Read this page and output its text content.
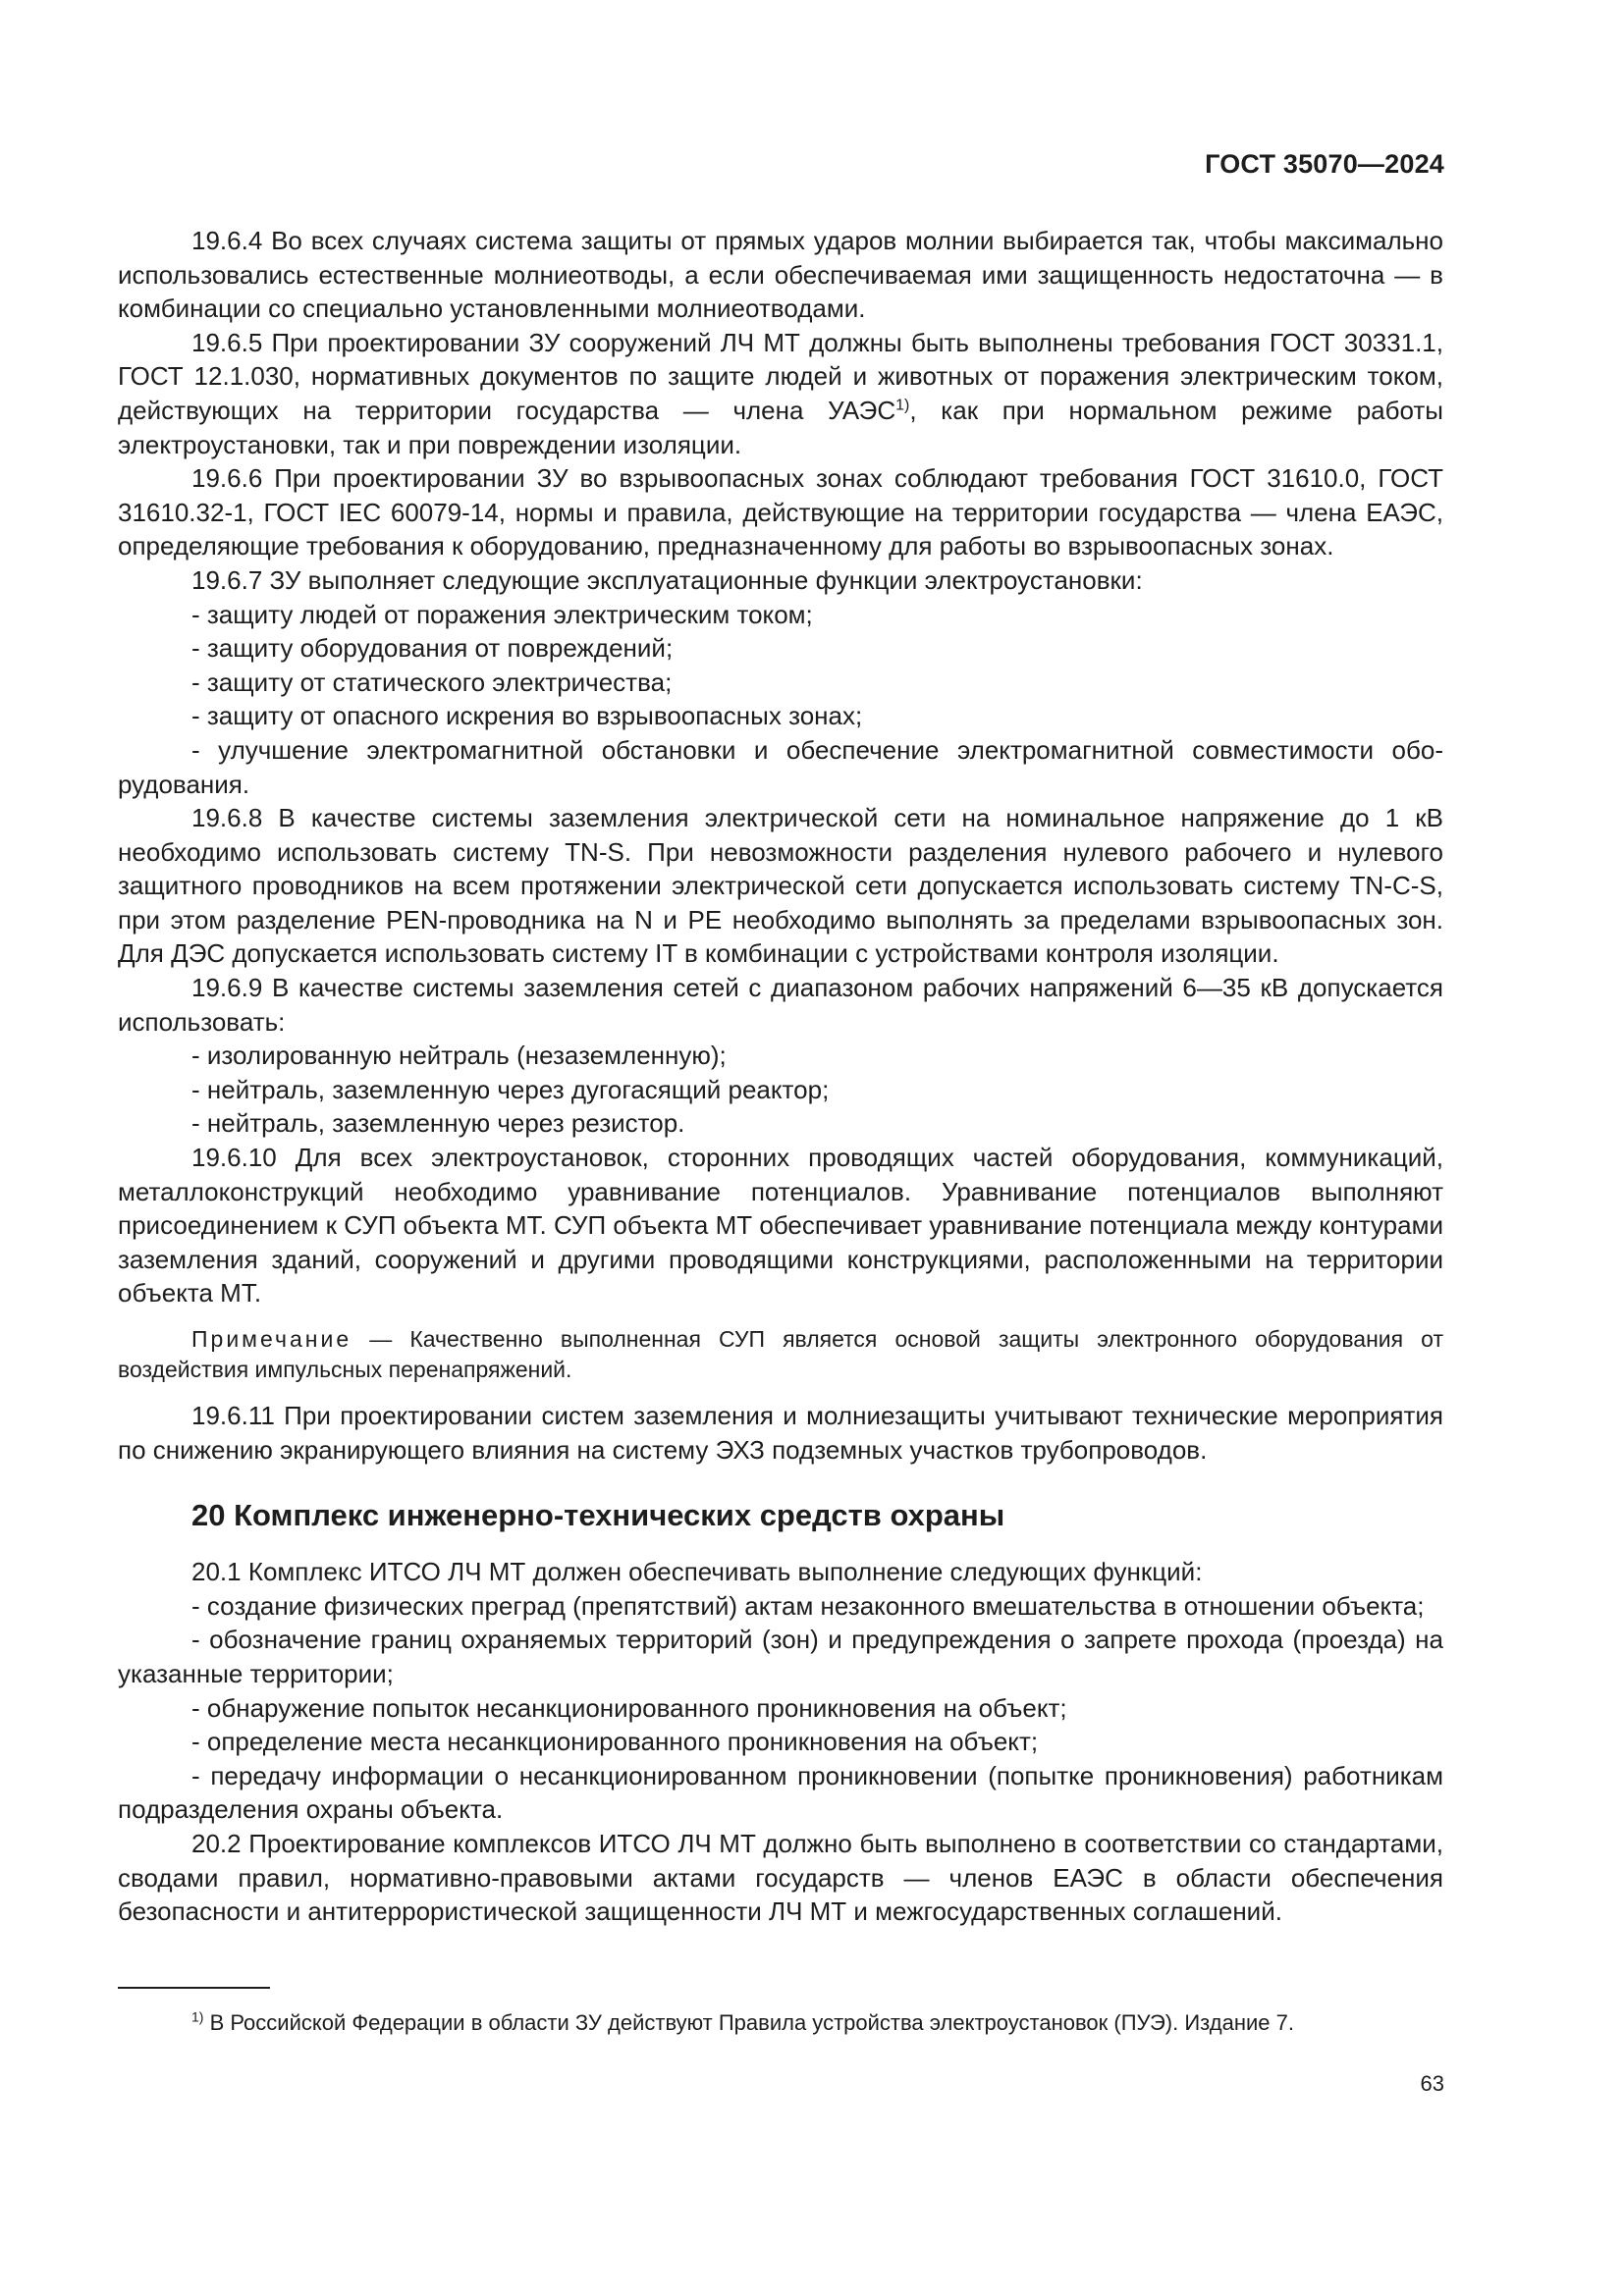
ГОСТ 35070—2024

19.6.4 Во всех случаях система защиты от прямых ударов молнии выбирается так, чтобы максимально использовались естественные молниеотводы, а если обеспечиваемая ими защищенность недостаточна — в комбинации со специально установленными молниеотводами.

19.6.5 При проектировании ЗУ сооружений ЛЧ МТ должны быть выполнены требования ГОСТ 30331.1, ГОСТ 12.1.030, нормативных документов по защите людей и животных от поражения электрическим током, действующих на территории государства — члена УАЭС$^{1)}$, как при нормальном режиме работы электроустановки, так и при повреждении изоляции.

19.6.6 При проектировании ЗУ во взрывоопасных зонах соблюдают требования ГОСТ 31610.0, ГОСТ 31610.32-1, ГОСТ IEC 60079-14, нормы и правила, действующие на территории государства — члена ЕАЭС, определяющие требования к оборудованию, предназначенному для работы во взрывоопасных зонах.

19.6.7 ЗУ выполняет следующие эксплуатационные функции электроустановки:

- защиту людей от поражения электрическим током;

- защиту оборудования от повреждений;

- защиту от статического электричества;

- защиту от опасного искрения во взрывоопасных зонах;

- улучшение электромагнитной обстановки и обеспечение электромагнитной совместимости обо-

рудования.

19.6.8 В качестве системы заземления электрической сети на номинальное напряжение до 1 кВ необходимо использовать систему TN-S. При невозможности разделения нулевого рабочего и нулевого защитного проводников на всем протяжении электрической сети допускается использовать систему TN-C-S, при этом разделение PEN-проводника на N и PE необходимо выполнять за пределами взрывоопасных зон. Для ДЭС допускается использовать систему IT в комбинации с устройствами контроля изоляции.

19.6.9 В качестве системы заземления сетей с диапазоном рабочих напряжений 6—35 кВ допускается использовать:

- изолированную нейтраль (незаземленную);

- нейтраль, заземленную через дугогасящий реактор;

- нейтраль, заземленную через резистор.

19.6.10 Для всех электроустановок, сторонних проводящих частей оборудования, коммуникаций, металлоконструкций необходимо уравнивание потенциалов. Уравнивание потенциалов выполняют присоединением к СУП объекта МТ. СУП объекта МТ обеспечивает уравнивание потенциала между контурами заземления зданий, сооружений и другими проводящими конструкциями, расположенными на территории объекта МТ.

Примечание — Качественно выполненная СУП является основой защиты электронного оборудования от воздействия импульсных перенапряжений.

19.6.11 При проектировании систем заземления и молниезащиты учитывают технические мероприятия по снижению экранирующего влияния на систему ЭХЗ подземных участков трубопроводов.

20 Комплекс инженерно-технических средств охраны

20.1 Комплекс ИТСО ЛЧ МТ должен обеспечивать выполнение следующих функций:

- создание физических преград (препятствий) актам незаконного вмешательства в отношении объекта;

- обозначение границ охраняемых территорий (зон) и предупреждения о запрете прохода (проезда) на указанные территории;

- обнаружение попыток несанкционированного проникновения на объект;

- определение места несанкционированного проникновения на объект;

- передачу информации о несанкционированном проникновении (попытке проникновения) работникам подразделения охраны объекта.

20.2 Проектирование комплексов ИТСО ЛЧ МТ должно быть выполнено в соответствии со стандартами, сводами правил, нормативно-правовыми актами государств — членов ЕАЭС в области обеспечения безопасности и антитеррористической защищенности ЛЧ МТ и межгосударственных соглашений.

$^{1)}$ В Российской Федерации в области ЗУ действуют Правила устройства электроустановок (ПУЭ). Издание 7.
63
